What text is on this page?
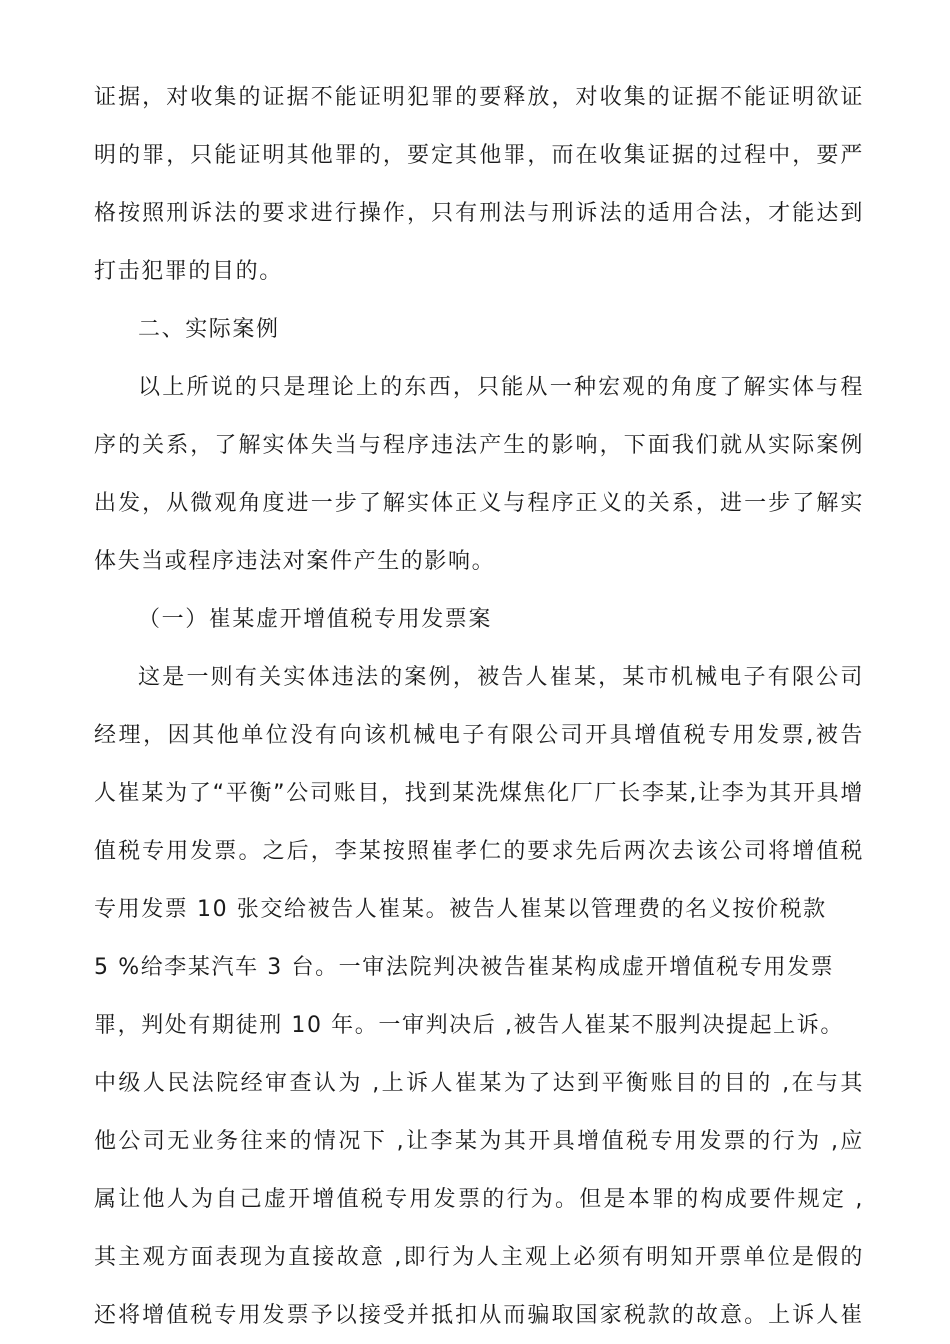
证据，对收集的证据不能证明犯罪的要释放，对收集的证据不能证明欲证
明的罪，只能证明其他罪的，要定其他罪，而在收集证据的过程中，要严
格按照刑诉法的要求进行操作，只有刑法与刑诉法的适用合法，才能达到
打击犯罪的目的。
二、实际案例
以上所说的只是理论上的东西，只能从一种宏观的角度了解实体与程
序的关系，了解实体失当与程序违法产生的影响，下面我们就从实际案例
出发，从微观角度进一步了解实体正义与程序正义的关系，进一步了解实
体失当或程序违法对案件产生的影响。
（一）崔某虚开增值税专用发票案
这是一则有关实体违法的案例，被告人崔某，某市机械电子有限公司
经理，因其他单位没有向该机械电子有限公司开具增值税专用发票,被告
人崔某为了“平衡”公司账目，找到某洗煤焦化厂厂长李某,让李为其开具增
值税专用发票。之后，李某按照崔孝仁的要求先后两次去该公司将增值税
专用发票 10 张交给被告人崔某。被告人崔某以管理费的名义按价税款
5 %给李某汽车 3 台。一审法院判决被告崔某构成虚开增值税专用发票
罪，判处有期徒刑 10 年。一审判决后 ,被告人崔某不服判决提起上诉。
中级人民法院经审查认为 ,上诉人崔某为了达到平衡账目的目的 ,在与其
他公司无业务往来的情况下 ,让李某为其开具增值税专用发票的行为 ,应
属让他人为自己虚开增值税专用发票的行为。但是本罪的构成要件规定 ,
其主观方面表现为直接故意 ,即行为人主观上必须有明知开票单位是假的
还将增值税专用发票予以接受并抵扣从而骗取国家税款的故意。上诉人崔
